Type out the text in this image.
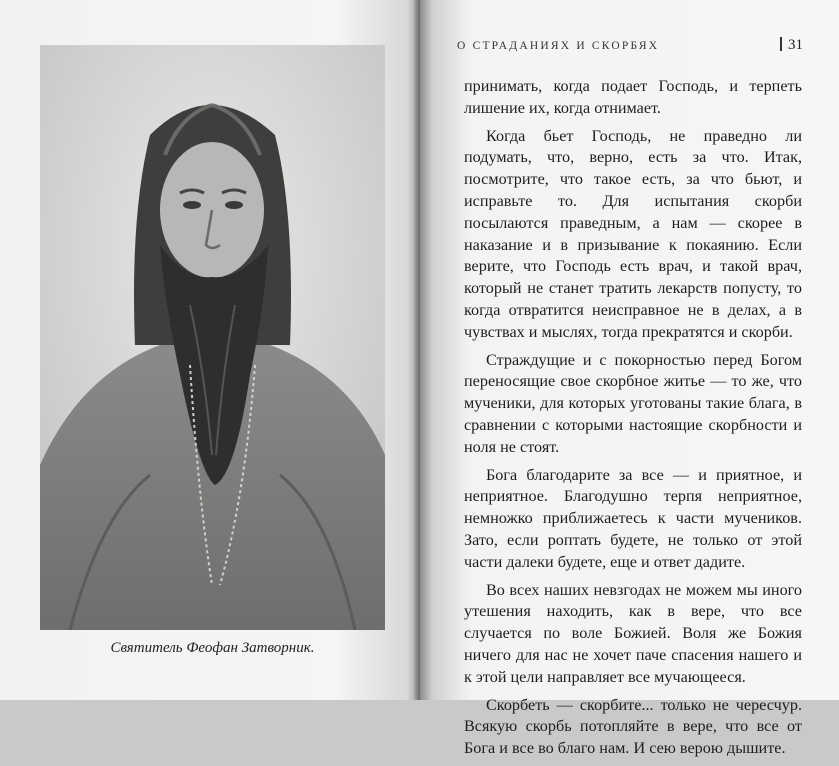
Святитель Феофан Затворник.
О СТРАДАНИЯХ И СКОРБЯХ	31

принимать, когда подает Господь, и терпеть лишение их, когда отнимает.

Когда бьет Господь, не праведно ли подумать, что, верно, есть за что. Итак, посмотрите, что такое есть, за что бьют, и исправьте то. Для испытания скорби посылаются праведным, а нам — скорее в наказание и в призывание к покаянию. Если верите, что Господь есть врач, и такой врач, который не станет тратить лекарств попусту, то когда отвратится неисправное не в делах, а в чувствах и мыслях, тогда прекратятся и скорби.

Страждущие и с покорностью перед Богом переносящие свое скорбное житье — то же, что мученики, для которых уготованы такие блага, в сравнении с которыми настоящие скорбности и ноля не стоят.

Бога благодарите за все — и приятное, и неприятное. Благодушно терпя неприятное, немножко приближаетесь к части мучеников. Зато, если роптать будете, не только от этой части далеки будете, еще и ответ дадите.

Во всех наших невзгодах не можем мы иного утешения находить, как в вере, что все случается по воле Божией. Воля же Божия ничего для нас не хочет паче спасения нашего и к этой цели направляет все мучающееся.

Скорбеть — скорбите... только не чересчур. Всякую скорбь потопляйте в вере, что все от Бога и все во благо нам. И сею верою дышите.
